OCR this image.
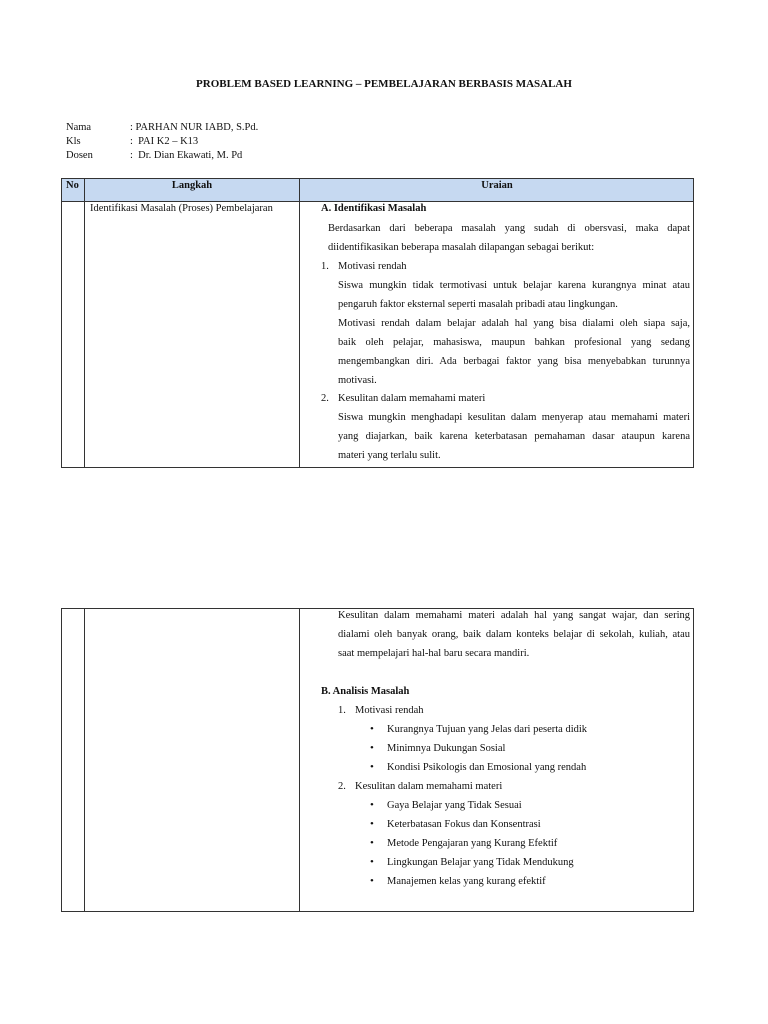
PROBLEM BASED LEARNING – PEMBELAJARAN BERBASIS MASALAH
Nama	: PARHAN NUR IABD, S.Pd.
Kls	:  PAI K2 – K13
Dosen	:  Dr. Dian Ekawati, M. Pd
No	Langkah	Uraian
Identifikasi Masalah (Proses) Pembelajaran	A. Identifikasi Masalah
Berdasarkan dari beberapa masalah yang sudah di obersvasi, maka dapat
diidentifikasikan beberapa masalah dilapangan sebagai berikut:
1. Motivasi rendah
Siswa mungkin tidak termotivasi untuk belajar karena kurangnya minat atau
pengaruh faktor eksternal seperti masalah pribadi atau lingkungan.
Motivasi rendah dalam belajar adalah hal yang bisa dialami oleh siapa saja,
baik oleh pelajar, mahasiswa, maupun bahkan profesional yang sedang
mengembangkan diri. Ada berbagai faktor yang bisa menyebabkan turunnya
motivasi.
2. Kesulitan dalam memahami materi
Siswa mungkin menghadapi kesulitan dalam menyerap atau memahami materi
yang diajarkan, baik karena keterbatasan pemahaman dasar ataupun karena
materi yang terlalu sulit.
Kesulitan dalam memahami materi adalah hal yang sangat wajar, dan sering
dialami oleh banyak orang, baik dalam konteks belajar di sekolah, kuliah, atau
saat mempelajari hal-hal baru secara mandiri.
B. Analisis Masalah
1. Motivasi rendah
•	Kurangnya Tujuan yang Jelas dari peserta didik
•	Minimnya Dukungan Sosial
•	Kondisi Psikologis dan Emosional yang rendah
2. Kesulitan dalam memahami materi
•	Gaya Belajar yang Tidak Sesuai
•	Keterbatasan Fokus dan Konsentrasi
•	Metode Pengajaran yang Kurang Efektif
•	Lingkungan Belajar yang Tidak Mendukung
•	Manajemen kelas yang kurang efektif
